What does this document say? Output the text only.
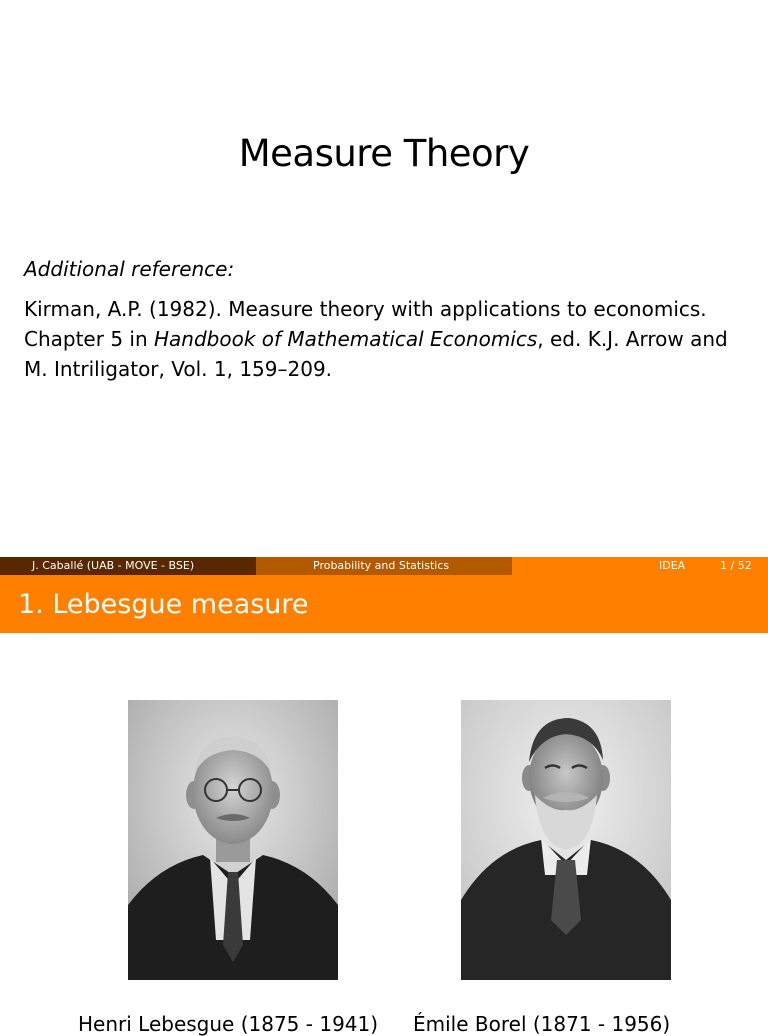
Measure Theory
Additional reference:
Kirman, A.P. (1982). Measure theory with applications to economics. Chapter 5 in Handbook of Mathematical Economics, ed. K.J. Arrow and M. Intriligator, Vol. 1, 159–209.
J. Caballé (UAB - MOVE - BSE)	Probability and Statistics	IDEA	1 / 52
1. Lebesgue measure
Henri Lebesgue (1875 - 1941) Émile Borel (1871 - 1956)
